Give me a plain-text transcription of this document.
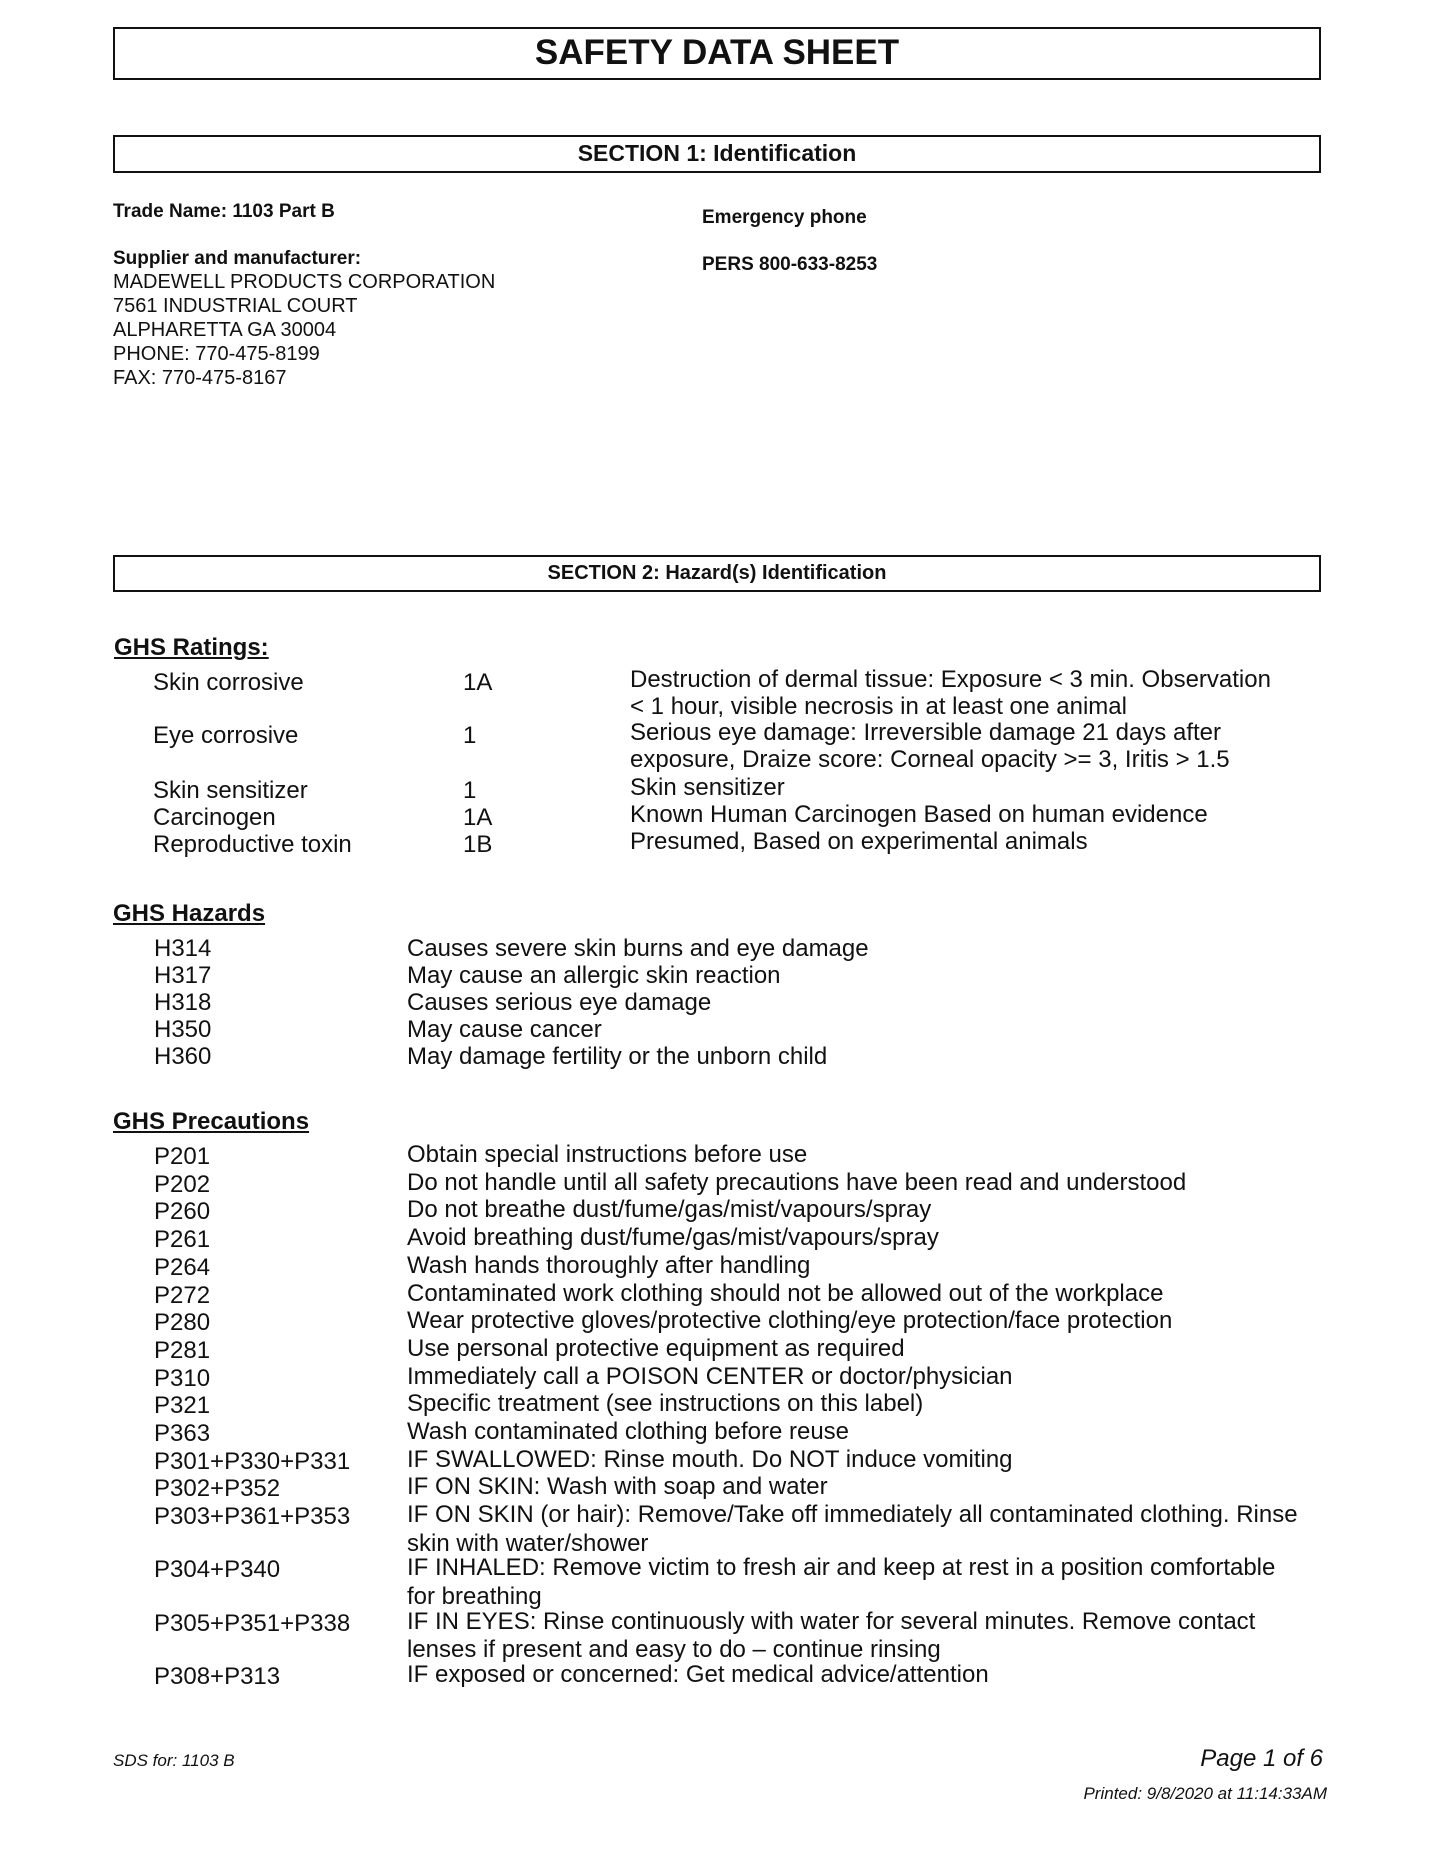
SAFETY DATA SHEET
SECTION 1: Identification
Trade Name: 1103 Part B
Supplier and manufacturer:
MADEWELL PRODUCTS CORPORATION
7561 INDUSTRIAL COURT
ALPHARETTA GA 30004
PHONE: 770-475-8199
FAX: 770-475-8167
Emergency phone
PERS 800-633-8253
SECTION 2: Hazard(s) Identification
GHS Ratings:
Skin corrosive	1A	Destruction of dermal tissue: Exposure < 3 min. Observation
< 1 hour, visible necrosis in at least one animal
Eye corrosive	1	Serious eye damage: Irreversible damage 21 days after
exposure, Draize score: Corneal opacity >= 3, Iritis > 1.5
Skin sensitizer	1	Skin sensitizer
Carcinogen	1A	Known Human Carcinogen Based on human evidence
Reproductive toxin	1B	Presumed, Based on experimental animals
GHS Hazards
H314	Causes severe skin burns and eye damage
H317	May cause an allergic skin reaction
H318	Causes serious eye damage
H350	May cause cancer
H360	May damage fertility or the unborn child
GHS Precautions
P201	Obtain special instructions before use
P202	Do not handle until all safety precautions have been read and understood
P260	Do not breathe dust/fume/gas/mist/vapours/spray
P261	Avoid breathing dust/fume/gas/mist/vapours/spray
P264	Wash hands thoroughly after handling
P272	Contaminated work clothing should not be allowed out of the workplace
P280	Wear protective gloves/protective clothing/eye protection/face protection
P281	Use personal protective equipment as required
P310	Immediately call a POISON CENTER or doctor/physician
P321	Specific treatment (see instructions on this label)
P363	Wash contaminated clothing before reuse
P301+P330+P331 IF SWALLOWED: Rinse mouth. Do NOT induce vomiting
P302+P352	IF ON SKIN: Wash with soap and water
P303+P361+P353 IF ON SKIN (or hair): Remove/Take off immediately all contaminated clothing. Rinse
skin with water/shower
P304+P340	IF INHALED: Remove victim to fresh air and keep at rest in a position comfortable
for breathing
P305+P351+P338 IF IN EYES: Rinse continuously with water for several minutes. Remove contact
lenses if present and easy to do – continue rinsing
P308+P313	IF exposed or concerned: Get medical advice/attention
SDS for: 1103 B	Page 1 of 6
Printed: 9/8/2020 at 11:14:33AM
